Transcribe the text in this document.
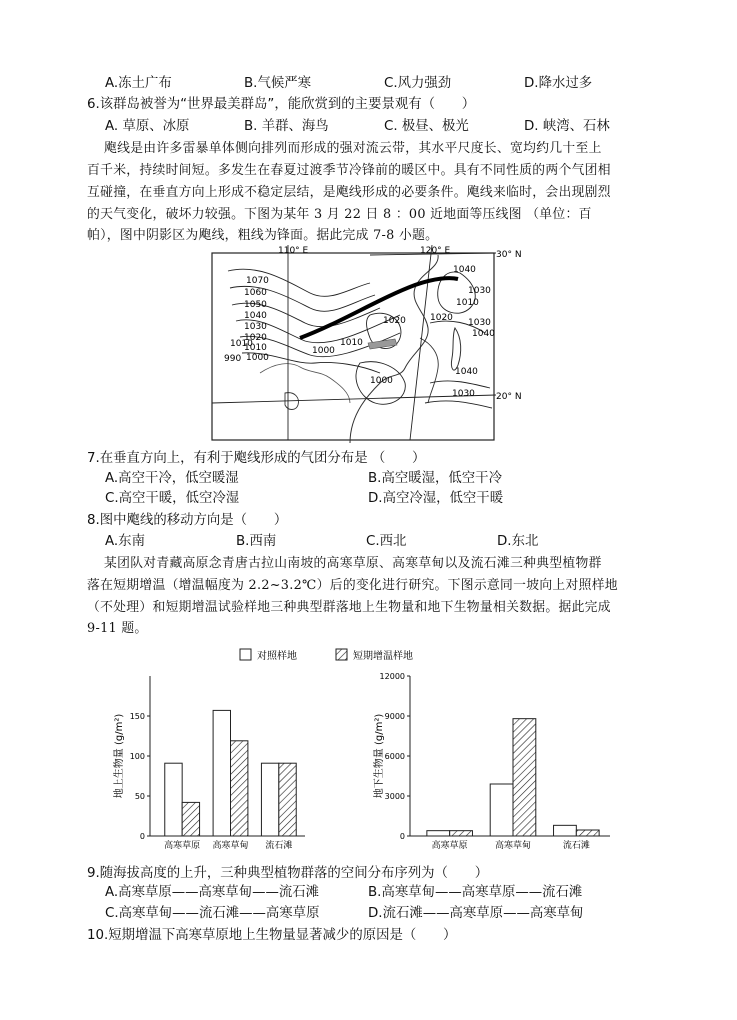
A.冻土广布	B.气候严寒	C.风力强劲	D.降水过多
6.该群岛被誉为“世界最美群岛”，能欣赏到的主要景观有（　　）
A. 草原、冰原	B. 羊群、海鸟	C. 极昼、极光	D. 峡湾、石林
飑线是由许多雷暴单体侧向排列而形成的强对流云带，其水平尺度长、宽均约几十至上
百千米，持续时间短。多发生在春夏过渡季节冷锋前的暖区中。具有不同性质的两个气团相
互碰撞，在垂直方向上形成不稳定层结，是飑线形成的必要条件。飑线来临时，会出现剧烈
的天气变化，破坏力较强。下图为某年 3 月 22 日 8 ：00 近地面等压线图 （单位：百
帕），图中阴影区为飑线，粗线为锋面。据此完成 7-8 小题。
110° E	120° E	30° N
20° N
1070
1060
1050
1040
1030
1020
1010
1000
990
1010
1040
1030
1010
1020 1030
1040
1040
1030
1020
1000
1000
1010
7.在垂直方向上，有利于飑线形成的气团分布是 （　　）
A.高空干冷，低空暖湿	B.高空暖湿，低空干冷
C.高空干暖，低空冷湿	D.高空冷湿，低空干暖
8.图中飑线的移动方向是（　　）
A.东南	B.西南	C.西北	D.东北
某团队对青藏高原念青唐古拉山南坡的高寒草原、高寒草甸以及流石滩三种典型植物群
落在短期增温（增温幅度为 2.2~3.2℃）后的变化进行研究。下图示意同一坡向上对照样地
（不处理）和短期增温试验样地三种典型群落地上生物量和地下生物量相关数据。据此完成
9-11 题。
对照样地	短期增温样地
0
50
100
150
地上生物量 (g/m²)
高寒草原 高寒草甸 流石滩
0
3000
6000
9000
12000
地下生物量 (g/m²)
高寒草原	高寒草甸	流石滩
9.随海拔高度的上升，三种典型植物群落的空间分布序列为（　　）
A.高寒草原——高寒草甸——流石滩	B.高寒草甸——高寒草原——流石滩
C.高寒草甸——流石滩——高寒草原	D.流石滩——高寒草原——高寒草甸
10.短期增温下高寒草原地上生物量显著减少的原因是（　　）
